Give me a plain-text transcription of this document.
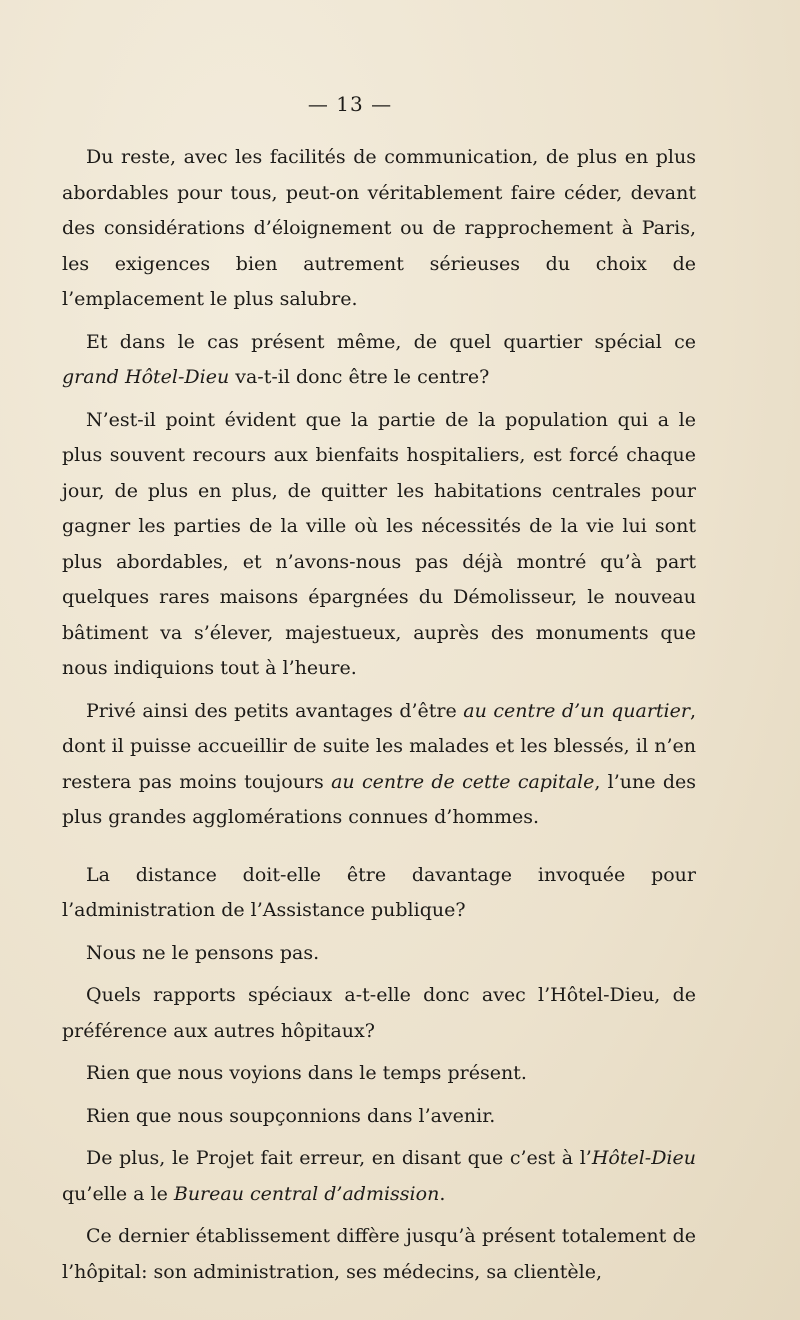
— 13 —

Du reste, avec les facilités de communication, de plus en plus abordables pour tous, peut-on véritablement faire céder, devant des considérations d’éloignement ou de rapprochement à Paris, les exigences bien autrement sérieuses du choix de l’emplacement le plus salubre.

Et dans le cas présent même, de quel quartier spécial ce grand Hôtel-Dieu va-t-il donc être le centre?

N’est-il point évident que la partie de la population qui a le plus souvent recours aux bienfaits hospitaliers, est forcé chaque jour, de plus en plus, de quitter les habitations centrales pour gagner les parties de la ville où les nécessités de la vie lui sont plus abordables, et n’avons-nous pas déjà montré qu’à part quelques rares maisons épargnées du Démolisseur, le nouveau bâtiment va s’élever, majestueux, auprès des monuments que nous indiquions tout à l’heure.

Privé ainsi des petits avantages d’être au centre d’un quartier, dont il puisse accueillir de suite les malades et les blessés, il n’en restera pas moins toujours au centre de cette capitale, l’une des plus grandes agglomérations connues d’hommes.

La distance doit-elle être davantage invoquée pour l’administration de l’Assistance publique?

Nous ne le pensons pas.

Quels rapports spéciaux a-t-elle donc avec l’Hôtel-Dieu, de préférence aux autres hôpitaux?

Rien que nous voyions dans le temps présent.

Rien que nous soupçonnions dans l’avenir.

De plus, le Projet fait erreur, en disant que c’est à l’Hôtel-Dieu qu’elle a le Bureau central d’admission.

Ce dernier établissement diffère jusqu’à présent totalement de l’hôpital: son administration, ses médecins, sa clientèle,
